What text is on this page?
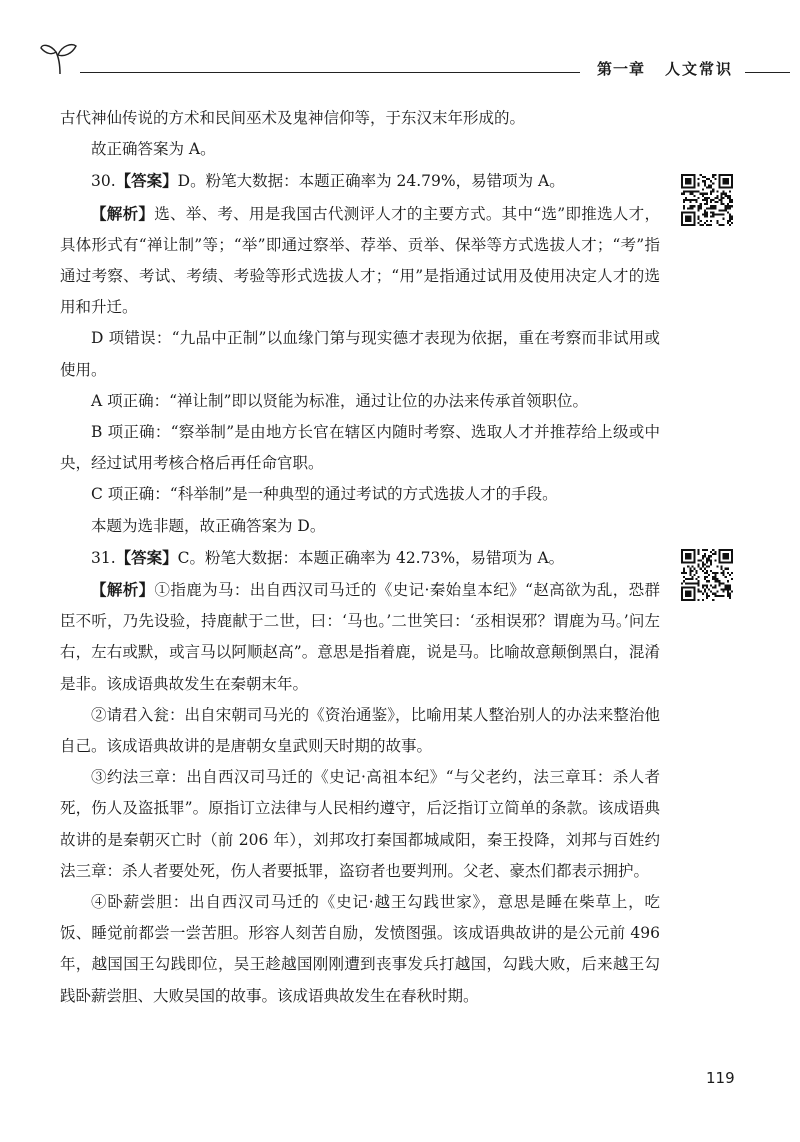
第一章 人文常识

古代神仙传说的方术和民间巫术及鬼神信仰等，于东汉末年形成的。

故正确答案为 A。

30.【答案】D。粉笔大数据：本题正确率为 24.79%，易错项为 A。

【解析】选、举、考、用是我国古代测评人才的主要方式。其中“选”即推选人才，具体形式有“禅让制”等；“举”即通过察举、荐举、贡举、保举等方式选拔人才；“考”指通过考察、考试、考绩、考验等形式选拔人才；“用”是指通过试用及使用决定人才的选用和升迁。

D 项错误：“九品中正制”以血缘门第与现实德才表现为依据，重在考察而非试用或使用。

A 项正确：“禅让制”即以贤能为标准，通过让位的办法来传承首领职位。

B 项正确：“察举制”是由地方长官在辖区内随时考察、选取人才并推荐给上级或中央，经过试用考核合格后再任命官职。

C 项正确：“科举制”是一种典型的通过考试的方式选拔人才的手段。

本题为选非题，故正确答案为 D。

31.【答案】C。粉笔大数据：本题正确率为 42.73%，易错项为 A。

【解析】①指鹿为马：出自西汉司马迁的《史记·秦始皇本纪》“赵高欲为乱，恐群臣不听，乃先设验，持鹿献于二世，曰：‘马也。’二世笑曰：‘丞相误邪？谓鹿为马。’问左右，左右或默，或言马以阿顺赵高”。意思是指着鹿，说是马。比喻故意颠倒黑白，混淆是非。该成语典故发生在秦朝末年。

②请君入瓮：出自宋朝司马光的《资治通鉴》，比喻用某人整治别人的办法来整治他自己。该成语典故讲的是唐朝女皇武则天时期的故事。

③约法三章：出自西汉司马迁的《史记·高祖本纪》“与父老约，法三章耳：杀人者死，伤人及盗抵罪”。原指订立法律与人民相约遵守，后泛指订立简单的条款。该成语典故讲的是秦朝灭亡时（前 206 年），刘邦攻打秦国都城咸阳，秦王投降，刘邦与百姓约法三章：杀人者要处死，伤人者要抵罪，盗窃者也要判刑。父老、豪杰们都表示拥护。

④卧薪尝胆：出自西汉司马迁的《史记·越王勾践世家》，意思是睡在柴草上，吃饭、睡觉前都尝一尝苦胆。形容人刻苦自励，发愤图强。该成语典故讲的是公元前 496 年，越国国王勾践即位，吴王趁越国刚刚遭到丧事发兵打越国，勾践大败，后来越王勾践卧薪尝胆、大败吴国的故事。该成语典故发生在春秋时期。

119
